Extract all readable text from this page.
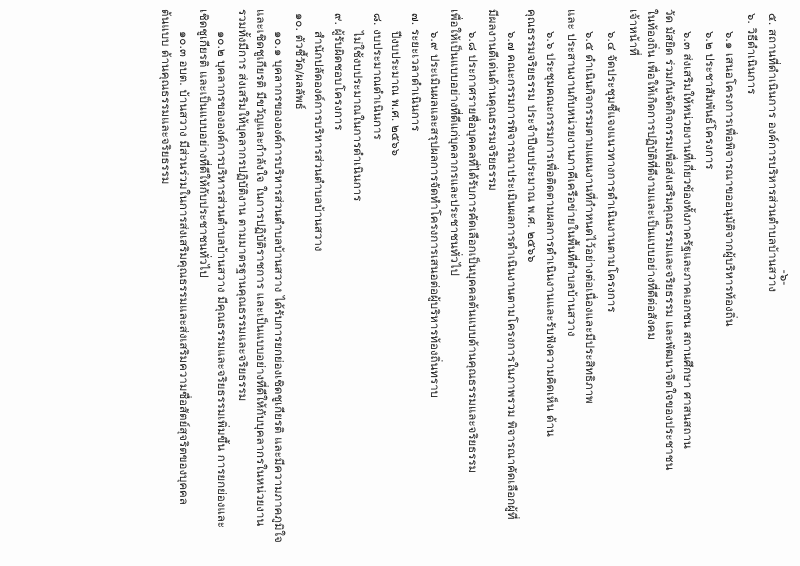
-๖-
๕. สถานที่ดำเนินการ องค์การบริหารส่วนตำบลบ้านสวาง
๖. วิธีดำเนินการ
๖.๑ เสนอโครงการเพื่อพิจารณาขออนุมัติจากผู้บริหารท้องถิ่น
๖.๒ ประชาสัมพันธ์โครงการ
๖.๓ ส่งเสริมให้หน่วยงานที่เกี่ยวข้องทั้งภาครัฐและภาคเอกชน สถานศึกษา ศาสนสถาน
วัด มัสยิด ร่วมกันจัดกิจกรรมเพื่อส่งเสริมคุณธรรมและจริยธรรม และพัฒนาจิตใจของประชาชน
ในท้องถิ่น เพื่อให้เกิดการปฏิบัติที่ดีงามและเป็นแบบอย่างที่ดีต่อสังคม
เจ้าหน้าที่
๖.๔ จัดประชุมชี้แจงแนวทางการดำเนินงานตามโครงการ
๖.๕ ดำเนินกิจกรรมตามแผนงานที่กำหนดไว้อย่างต่อเนื่องและมีประสิทธิภาพ
และ ประสานงานกับหน่วยงานภาคีเครือข่ายในพื้นที่ตำบลบ้านสวาง
๖.๖ ประชุมคณะกรรมการเพื่อติดตามผลการดำเนินงานและรับฟังความคิดเห็น ด้าน
คุณธรรมจริยธรรม ประจำปีงบประมาณ พ.ศ. ๒๕๖๖
๖.๗ คณะกรรมการพิจารณาประเมินผลการดำเนินงานตามโครงการในภาพรวม พิจารณาคัดเลือกผู้ที่
มีผลงานดีเด่นด้านคุณธรรมจริยธรรม
๖.๘ ประกาศรายชื่อบุคคลที่ได้รับการคัดเลือกเป็นบุคคลต้นแบบด้านคุณธรรมและจริยธรรม
เพื่อให้เป็นแบบอย่างที่ดีแก่บุคลากรและประชาชนทั่วไป
๖.๙ ประเมินผลและสรุปผลการจัดทำโครงการเสนอต่อผู้บริหารท้องถิ่นทราบ
๗. ระยะเวลาดำเนินการ
ปีงบประมาณ พ.ศ. ๒๕๖๖
๘. งบประมาณดำเนินการ
ไม่ใช้งบประมาณในการดำเนินการ
๙. ผู้รับผิดชอบโครงการ
สำนักปลัดองค์การบริหารส่วนตำบลบ้านสวาง
๑๐. ตัวชี้วัด/ผลลัพธ์
๑๐.๑ บุคลากรขององค์การบริหารส่วนตำบลบ้านสวาง ได้รับการยกย่องเชิดชูเกียรติ และมีความภาคภูมิใจ
และเชิดชูเกียรติ มีขวัญและกำลังใจ ในการปฏิบัติราชการ และเป็นแบบอย่างที่ดีให้กับบุคลากรในหน่วยงาน
รวมทั้งมีการ ส่งเสริมให้บุคลากรปฏิบัติงาน ตามมาตรฐานคุณธรรมและจริยธรรม
๑๐.๒ บุคลากรขององค์การบริหารส่วนตำบลบ้านสวาง มีคุณธรรมและจริยธรรมเพิ่มขึ้น การยกย่องและ
เชิดชูเกียรติ และเป็นแบบอย่างที่ดีให้กับประชาชนทั่วไป
๑๐.๓ อบต. บ้านสวาง มีส่วนร่วมในการส่งเสริมคุณธรรมและส่งเสริมความซื่อสัตย์สุจริตของบุคคล
ต้นแบบ ด้านคุณธรรมและจริยธรรม
